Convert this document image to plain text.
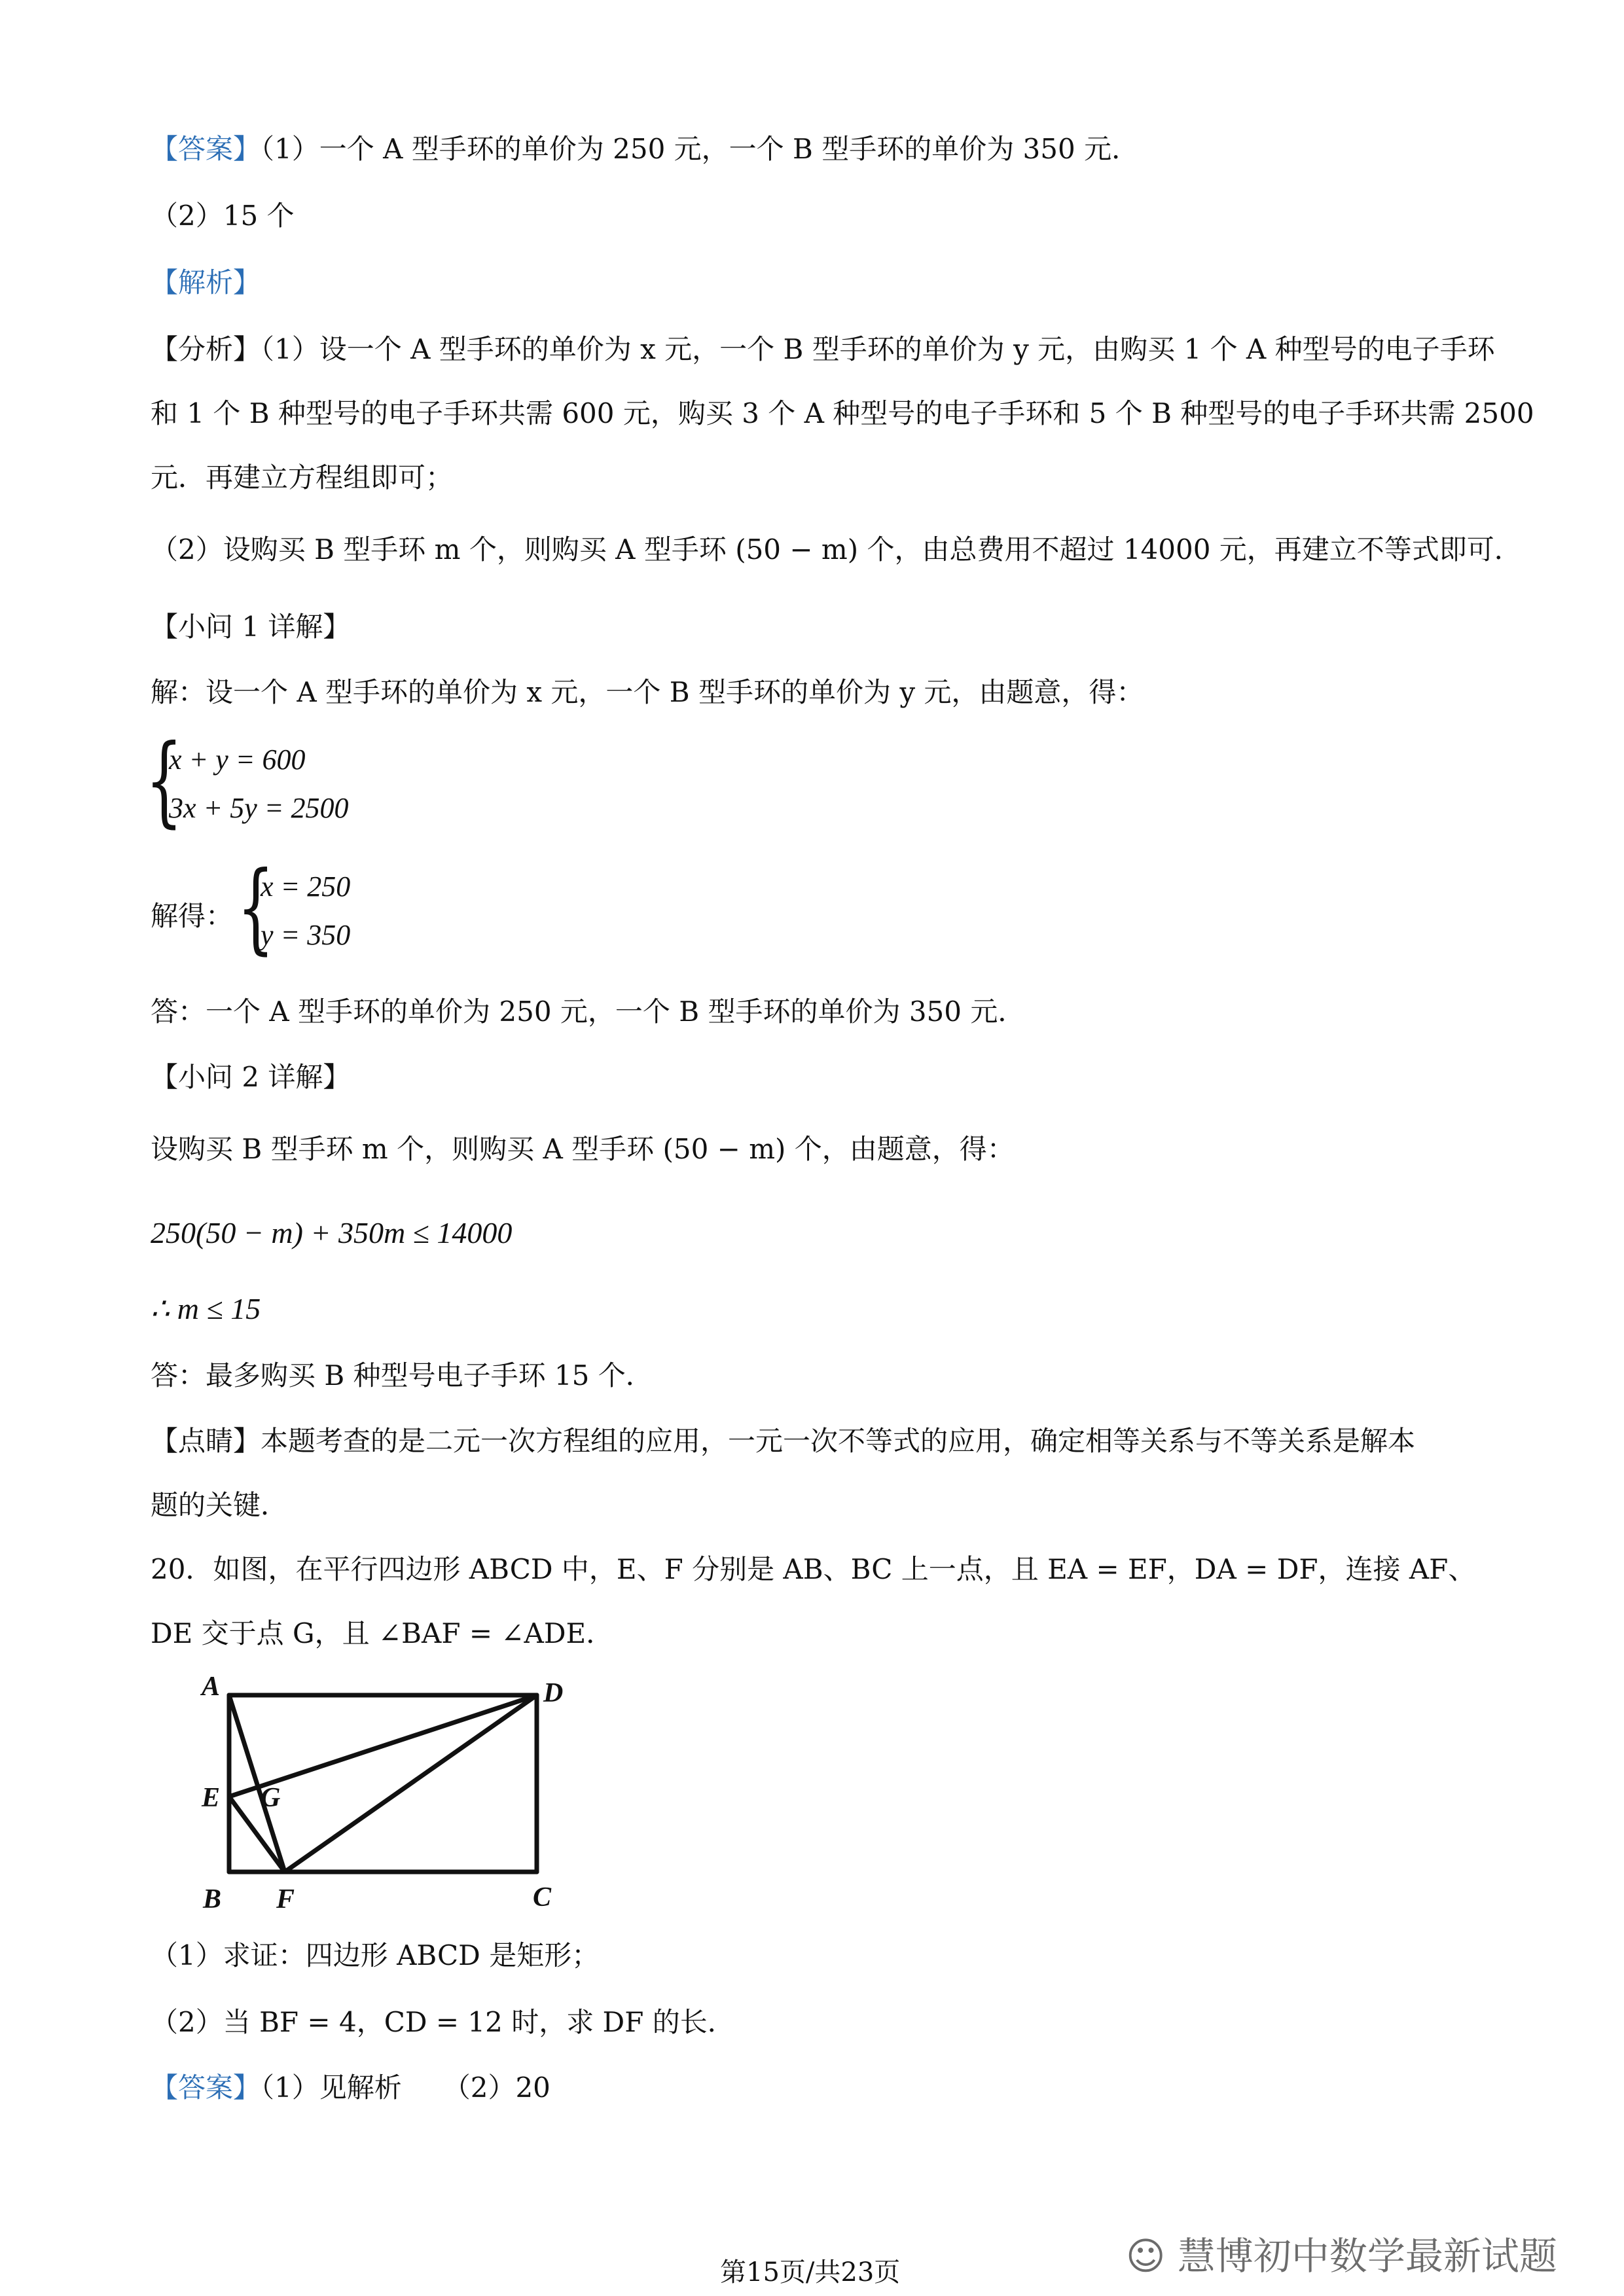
【答案】（1）一个 A 型手环的单价为 250 元，一个 B 型手环的单价为 350 元．
（2）15 个
【解析】
【分析】（1）设一个 A 型手环的单价为 x 元，一个 B 型手环的单价为 y 元，由购买 1 个 A 种型号的电子手环
和 1 个 B 种型号的电子手环共需 600 元，购买 3 个 A 种型号的电子手环和 5 个 B 种型号的电子手环共需 2500
元．再建立方程组即可；
（2）设购买 B 型手环 m 个，则购买 A 型手环 (50 − m) 个，由总费用不超过 14000 元，再建立不等式即可．
【小问 1 详解】
解：设一个 A 型手环的单价为 x 元，一个 B 型手环的单价为 y 元，由题意，得：
{
x + y = 600
3x + 5y = 2500
解得： {
x = 250
y = 350
答：一个 A 型手环的单价为 250 元，一个 B 型手环的单价为 350 元．
【小问 2 详解】
设购买 B 型手环 m 个，则购买 A 型手环 (50 − m) 个，由题意，得：
250(50 − m) + 350m ≤ 14000
∴ m ≤ 15
答：最多购买 B 种型号电子手环 15 个．
【点睛】本题考查的是二元一次方程组的应用，一元一次不等式的应用，确定相等关系与不等关系是解本
题的关键．
20．如图，在平行四边形 ABCD 中，E、F 分别是 AB、BC 上一点，且 EA = EF，DA = DF，连接 AF、
DE 交于点 G，且 ∠BAF = ∠ADE．
A	D
E G
B F	C
（1）求证：四边形 ABCD 是矩形；
（2）当 BF = 4，CD = 12 时，求 DF 的长．
【答案】（1）见解析　　（2）20
第15页/共23页	☺ 慧博初中数学最新试题
